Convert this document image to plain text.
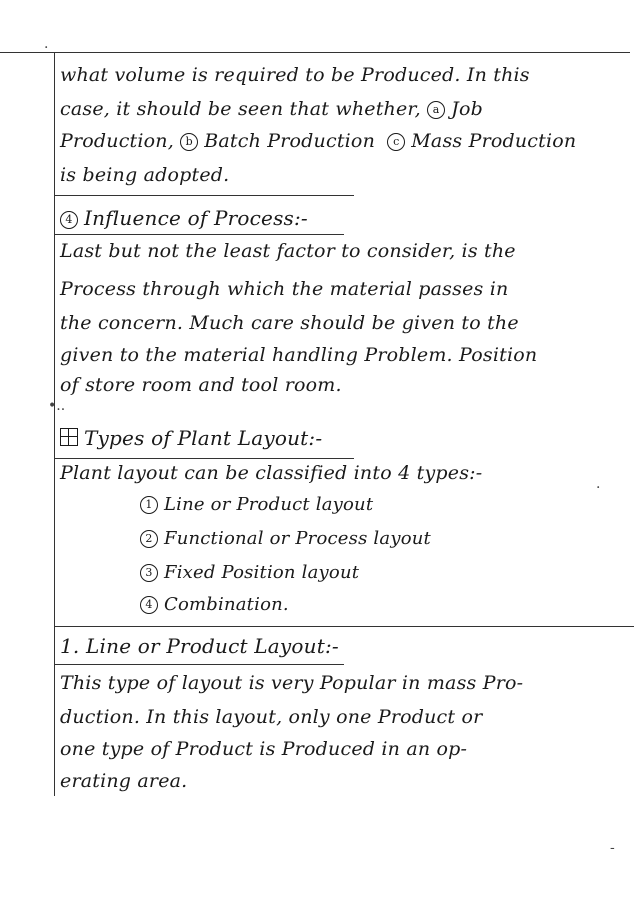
·
what volume is required to be Produced. In this
case, it should be seen that whether, a Job
Production, b Batch Production c Mass Production
is being adopted.
4 Influence of Process:-
Last but not the least factor to consider, is the
Process through which the material passes in
the concern. Much care should be given to the
given to the material handling Problem. Position
of store room and tool room.
•..
Types of Plant Layout:-
Plant layout can be classified into 4 types:-
1 Line or Product layout
2 Functional or Process layout
3 Fixed Position layout
4 Combination.
1. Line or Product Layout:-
This type of layout is very Popular in mass Pro-
duction. In this layout, only one Product or
one type of Product is Produced in an op-
erating area.
·
-
